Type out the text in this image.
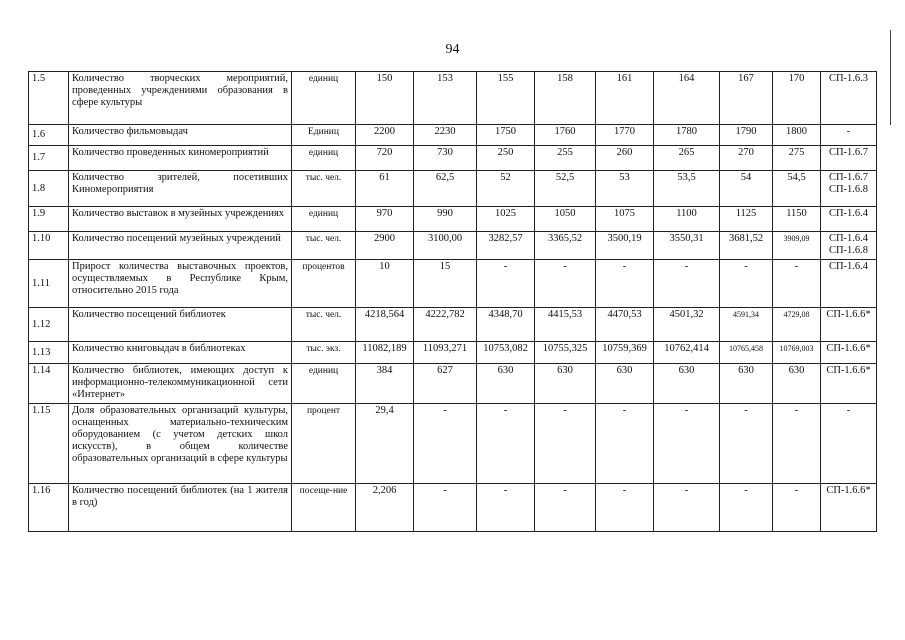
94
1.5	Количество творческих мероприятий, проведенных учреждениями образования в сфере культуры	единиц	150	153	155	158	161	164	167	170	СП-1.6.3
1.6	Количество фильмовыдач	Единиц	2200	2230	1750	1760	1770	1780	1790	1800	-
1.7	Количество проведенных киномероприятий	единиц	720	730	250	255	260	265	270	275	СП-1.6.7
1.8	Количество зрителей, посетивших Киномероприятия	тыс. чел.	61	62,5	52	52,5	53	53,5	54	54,5	СП-1.6.7 СП-1.6.8
1.9	Количество выставок в музейных учреждениях	единиц	970	990	1025	1050	1075	1100	1125	1150	СП-1.6.4
1.10	Количество посещений музейных учреждений	тыс. чел.	2900	3100,00	3282,57	3365,52	3500,19	3550,31	3681,52	3909,09	СП-1.6.4 СП-1.6.8
1.11	Прирост количества выставочных проектов, осуществляемых в Республике Крым, относительно 2015 года	процентов	10	15	-	-	-	-	-	-	СП-1.6.4
1.12	Количество посещений библиотек	тыс. чел.	4218,564	4222,782	4348,70	4415,53	4470,53	4501,32	4591,34	4729,08	СП-1.6.6*
1.13	Количество книговыдач в библиотеках	тыс. экз.	11082,189	11093,271	10753,082	10755,325	10759,369	10762,414	10765,458	10769,003	СП-1.6.6*
1.14	Количество библиотек, имеющих доступ к информационно-телекоммуникационной сети «Интернет»	единиц	384	627	630	630	630	630	630	630	СП-1.6.6*
1.15	Доля образовательных организаций культуры, оснащенных материально-техническим оборудованием (с учетом детских школ искусств), в общем количестве образовательных организаций в сфере культуры	процент	29,4	-	-	-	-	-	-	-	-
1.16	Количество посещений библиотек (на 1 жителя в год)	посеще-ние	2,206	-	-	-	-	-	-	-	СП-1.6.6*
